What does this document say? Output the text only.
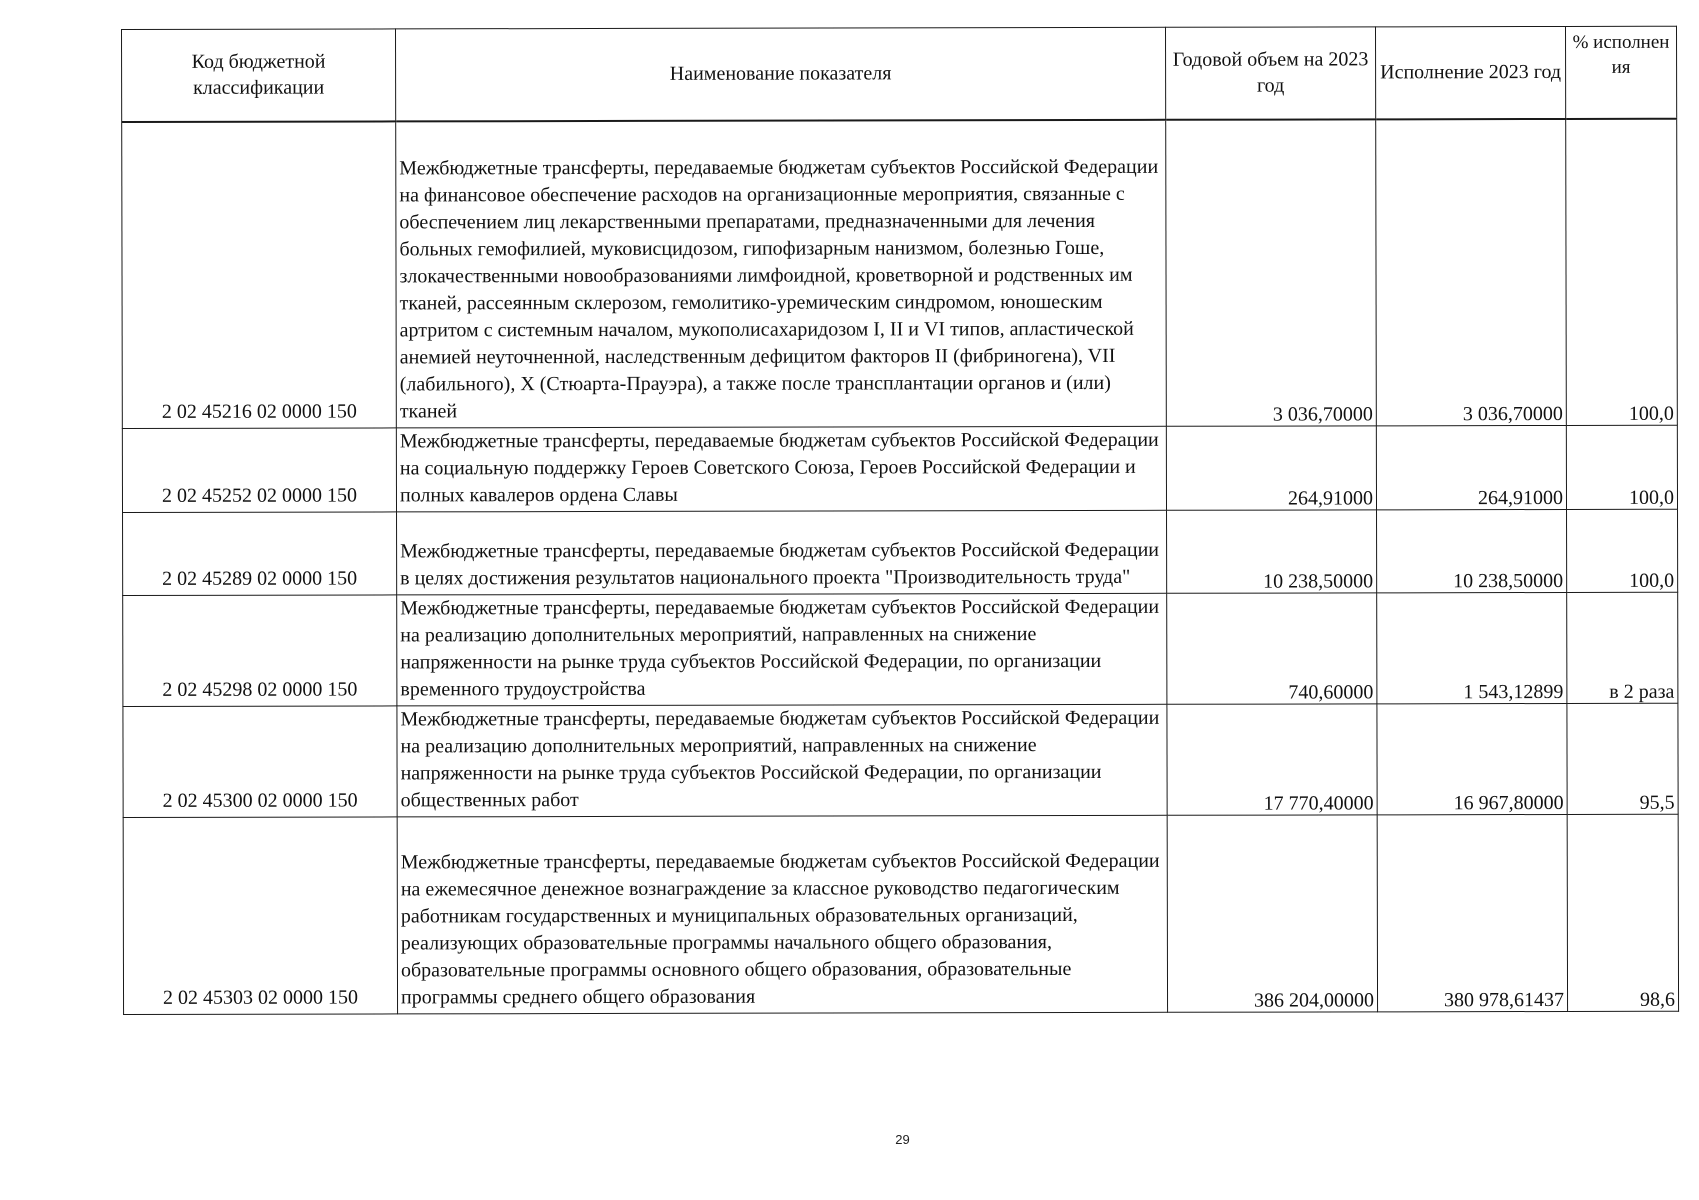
Код бюджетной классификации	Наименование показателя	Годовой объем на 2023 год	Исполнение 2023 год	% исполнен ия
2 02 45216 02 0000 150	Межбюджетные трансферты, передаваемые бюджетам субъектов Российской Федерации на финансовое обеспечение расходов на организационные мероприятия, связанные с обеспечением лиц лекарственными препаратами, предназначенными для лечения больных гемофилией, муковисцидозом, гипофизарным нанизмом, болезнью Гоше, злокачественными новообразованиями лимфоидной, кроветворной и родственных им тканей, рассеянным склерозом, гемолитико-уремическим синдромом, юношеским артритом с системным началом, мукополисахаридозом I, II и VI типов, апластической анемией неуточненной, наследственным дефицитом факторов II (фибриногена), VII (лабильного), X (Стюарта-Прауэра), а также после трансплантации органов и (или) тканей	3 036,70000	3 036,70000	100,0
2 02 45252 02 0000 150	Межбюджетные трансферты, передаваемые бюджетам субъектов Российской Федерации на социальную поддержку Героев Советского Союза, Героев Российской Федерации и полных кавалеров ордена Славы	264,91000	264,91000	100,0
2 02 45289 02 0000 150	Межбюджетные трансферты, передаваемые бюджетам субъектов Российской Федерации в целях достижения результатов национального проекта "Производительность труда"	10 238,50000	10 238,50000	100,0
2 02 45298 02 0000 150	Межбюджетные трансферты, передаваемые бюджетам субъектов Российской Федерации на реализацию дополнительных мероприятий, направленных на снижение напряженности на рынке труда субъектов Российской Федерации, по организации временного трудоустройства	740,60000	1 543,12899	в 2 раза
2 02 45300 02 0000 150	Межбюджетные трансферты, передаваемые бюджетам субъектов Российской Федерации на реализацию дополнительных мероприятий, направленных на снижение напряженности на рынке труда субъектов Российской Федерации, по организации общественных работ	17 770,40000	16 967,80000	95,5
2 02 45303 02 0000 150	Межбюджетные трансферты, передаваемые бюджетам субъектов Российской Федерации на ежемесячное денежное вознаграждение за классное руководство педагогическим работникам государственных и муниципальных образовательных организаций, реализующих образовательные программы начального общего образования, образовательные программы основного общего образования, образовательные программы среднего общего образования	386 204,00000	380 978,61437	98,6
29
